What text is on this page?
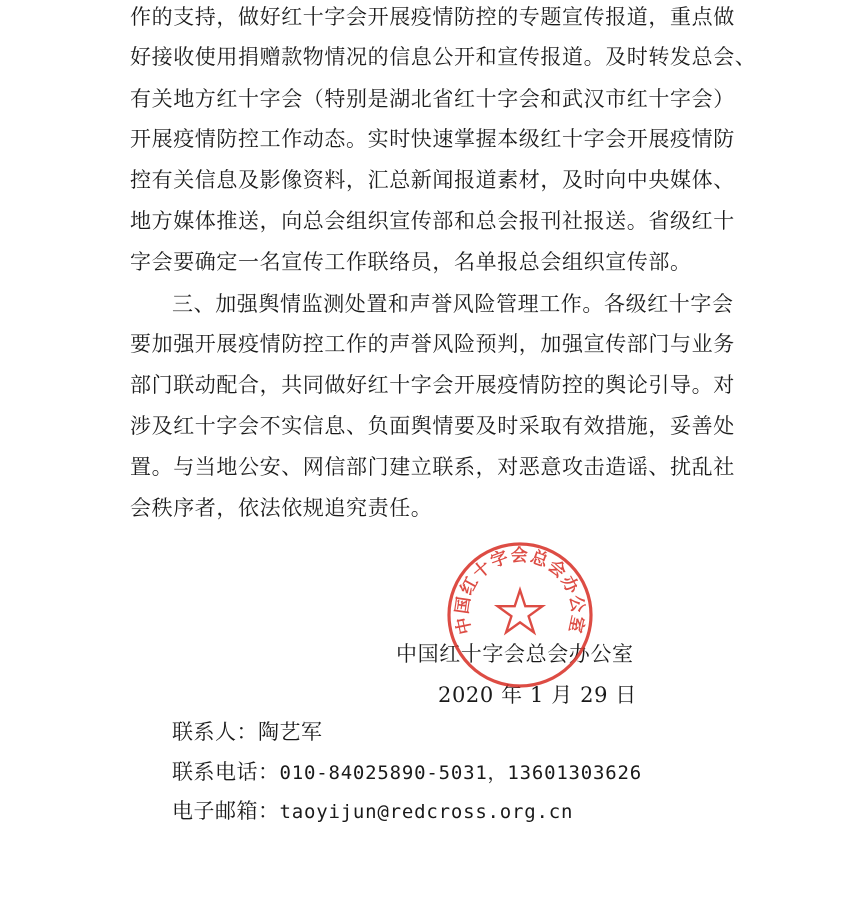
作的支持，做好红十字会开展疫情防控的专题宣传报道，重点做

好接收使用捐赠款物情况的信息公开和宣传报道。及时转发总会、

有关地方红十字会（特别是湖北省红十字会和武汉市红十字会）

开展疫情防控工作动态。实时快速掌握本级红十字会开展疫情防

控有关信息及影像资料，汇总新闻报道素材，及时向中央媒体、

地方媒体推送，向总会组织宣传部和总会报刊社报送。省级红十

字会要确定一名宣传工作联络员，名单报总会组织宣传部。

三、加强舆情监测处置和声誉风险管理工作。各级红十字会

要加强开展疫情防控工作的声誉风险预判，加强宣传部门与业务

部门联动配合，共同做好红十字会开展疫情防控的舆论引导。对

涉及红十字会不实信息、负面舆情要及时采取有效措施，妥善处

置。与当地公安、网信部门建立联系，对恶意攻击造谣、扰乱社

会秩序者，依法依规追究责任。

中国红十字会总会办公室
2020 年 1 月 29 日
中国红十字会总会办公室
联系人：陶艺军
联系电话：010-84025890-5031，13601303626
电子邮箱：taoyijun@redcross.org.cn
